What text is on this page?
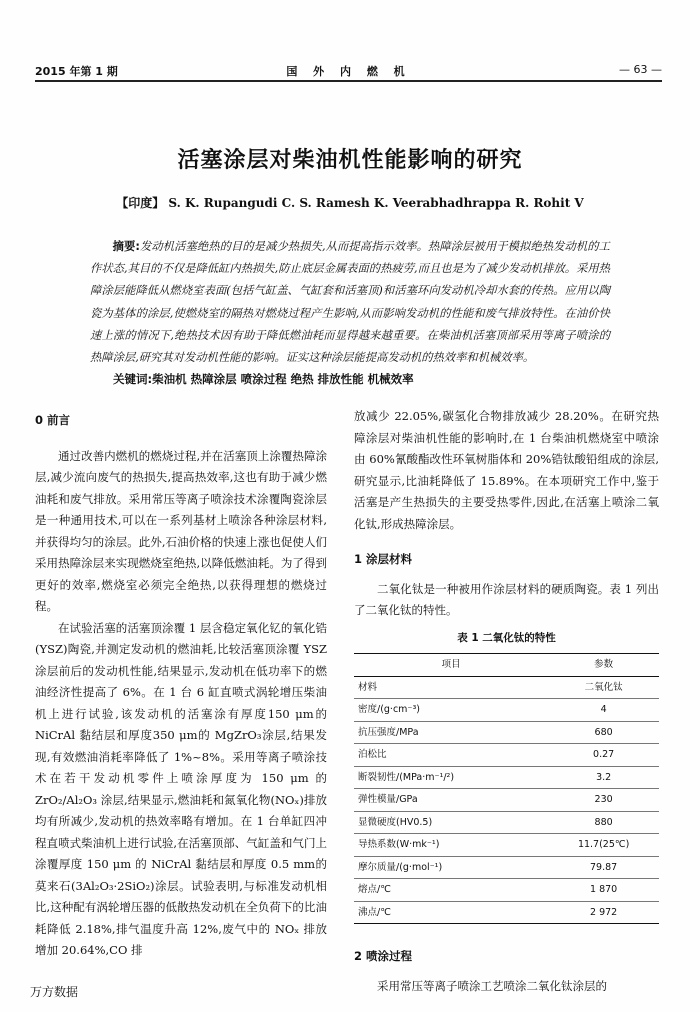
2015 年第 1 期	国 外 内 燃 机	— 63 —
活塞涂层对柴油机性能影响的研究
【印度】 S. K. Rupangudi C. S. Ramesh K. Veerabhadhrappa R. Rohit V
摘要:发动机活塞绝热的目的是减少热损失,从而提高指示效率。热障涂层被用于模拟绝热发动机的工作状态,其目的不仅是降低缸内热损失,防止底层金属表面的热疲劳,而且也是为了减少发动机排放。采用热障涂层能降低从燃烧室表面(包括气缸盖、气缸套和活塞顶)和活塞环向发动机冷却水套的传热。应用以陶瓷为基体的涂层,使燃烧室的隔热对燃烧过程产生影响,从而影响发动机的性能和废气排放特性。在油价快速上涨的情况下,绝热技术因有助于降低燃油耗而显得越来越重要。在柴油机活塞顶部采用等离子喷涂的热障涂层,研究其对发动机性能的影响。证实这种涂层能提高发动机的热效率和机械效率。
关键词:柴油机 热障涂层 喷涂过程 绝热 排放性能 机械效率

0 前言

通过改善内燃机的燃烧过程,并在活塞顶上涂覆热障涂层,减少流向废气的热损失,提高热效率,这也有助于减少燃油耗和废气排放。采用常压等离子喷涂技术涂覆陶瓷涂层是一种通用技术,可以在一系列基材上喷涂各种涂层材料,并获得均匀的涂层。此外,石油价格的快速上涨也促使人们采用热障涂层来实现燃烧室绝热,以降低燃油耗。为了得到更好的效率,燃烧室必须完全绝热,以获得理想的燃烧过程。

在试验活塞的活塞顶涂覆 1 层含稳定氧化钇的氧化锆(YSZ)陶瓷,并测定发动机的燃油耗,比较活塞顶涂覆 YSZ 涂层前后的发动机性能,结果显示,发动机在低功率下的燃油经济性提高了 6%。在 1 台 6 缸直喷式涡轮增压柴油机上进行试验,该发动机的活塞涂有厚度150 μm的 NiCrAl 黏结层和厚度350 μm的 MgZrO₃涂层,结果发现,有效燃油消耗率降低了 1%~8%。采用等离子喷涂技术在若干发动机零件上喷涂厚度为 150 μm 的 ZrO₂/Al₂O₃ 涂层,结果显示,燃油耗和氮氧化物(NOₓ)排放均有所减少,发动机的热效率略有增加。在 1 台单缸四冲程直喷式柴油机上进行试验,在活塞顶部、气缸盖和气门上涂覆厚度 150 μm 的 NiCrAl 黏结层和厚度 0.5 mm的莫来石(3Al₂O₃·2SiO₂)涂层。试验表明,与标准发动机相比,这种配有涡轮增压器的低散热发动机在全负荷下的比油耗降低 2.18%,排气温度升高 12%,废气中的 NOₓ 排放增加 20.64%,CO 排

放减少 22.05%,碳氢化合物排放减少 28.20%。在研究热障涂层对柴油机性能的影响时,在 1 台柴油机燃烧室中喷涂由 60%氰酸酯改性环氧树脂体和 20%锆钛酸铅组成的涂层,研究显示,比油耗降低了 15.89%。在本项研究工作中,鉴于活塞是产生热损失的主要受热零件,因此,在活塞上喷涂二氧化钛,形成热障涂层。

1 涂层材料

二氧化钛是一种被用作涂层材料的硬质陶瓷。表 1 列出了二氧化钛的特性。

表 1 二氧化钛的特性
项目	参数
材料	二氧化钛
密度/(g·cm⁻³)	4
抗压强度/MPa	680
泊松比	0.27
断裂韧性/(MPa·m⁻¹/²)	3.2
弹性模量/GPa	230
显微硬度(HV0.5)	880
导热系数(W·mk⁻¹)	11.7(25℃)
摩尔质量/(g·mol⁻¹)	79.87
熔点/℃	1 870
沸点/℃	2 972

2 喷涂过程

采用常压等离子喷涂工艺喷涂二氧化钛涂层的

万方数据
